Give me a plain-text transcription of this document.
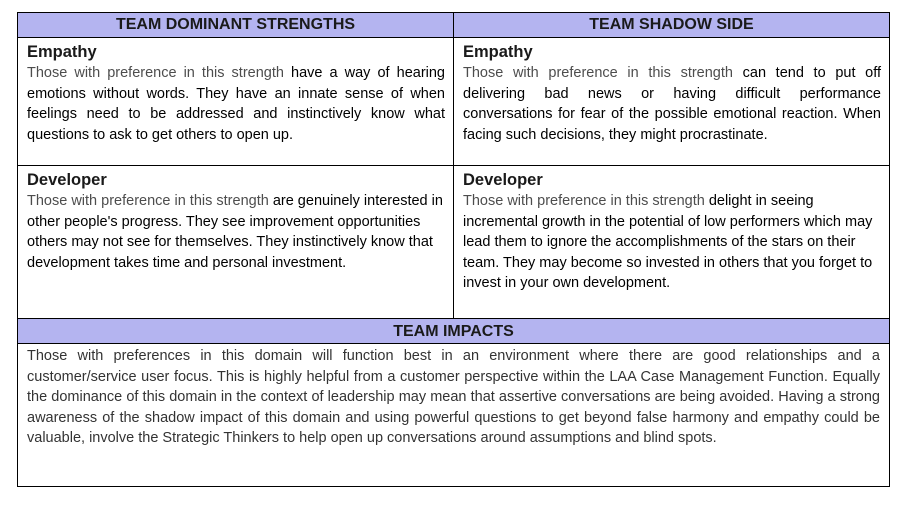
TEAM DOMINANT STRENGTHS	TEAM SHADOW SIDE
Empathy
Those with preference in this strength have a way of hearing emotions without words. They have an innate sense of when feelings need to be addressed and instinctively know what questions to ask to get others to open up.
Empathy
Those with preference in this strength can tend to put off delivering bad news or having difficult performance conversations for fear of the possible emotional reaction. When facing such decisions, they might procrastinate.
Developer
Those with preference in this strength are genuinely interested in other people's progress. They see improvement opportunities others may not see for themselves. They instinctively know that development takes time and personal investment.
Developer
Those with preference in this strength delight in seeing incremental growth in the potential of low performers which may lead them to ignore the accomplishments of the stars on their team. They may become so invested in others that you forget to invest in your own development.
TEAM IMPACTS
Those with preferences in this domain will function best in an environment where there are good relationships and a customer/service user focus. This is highly helpful from a customer perspective within the LAA Case Management Function. Equally the dominance of this domain in the context of leadership may mean that assertive conversations are being avoided. Having a strong awareness of the shadow impact of this domain and using powerful questions to get beyond false harmony and empathy could be valuable, involve the Strategic Thinkers to help open up conversations around assumptions and blind spots.
